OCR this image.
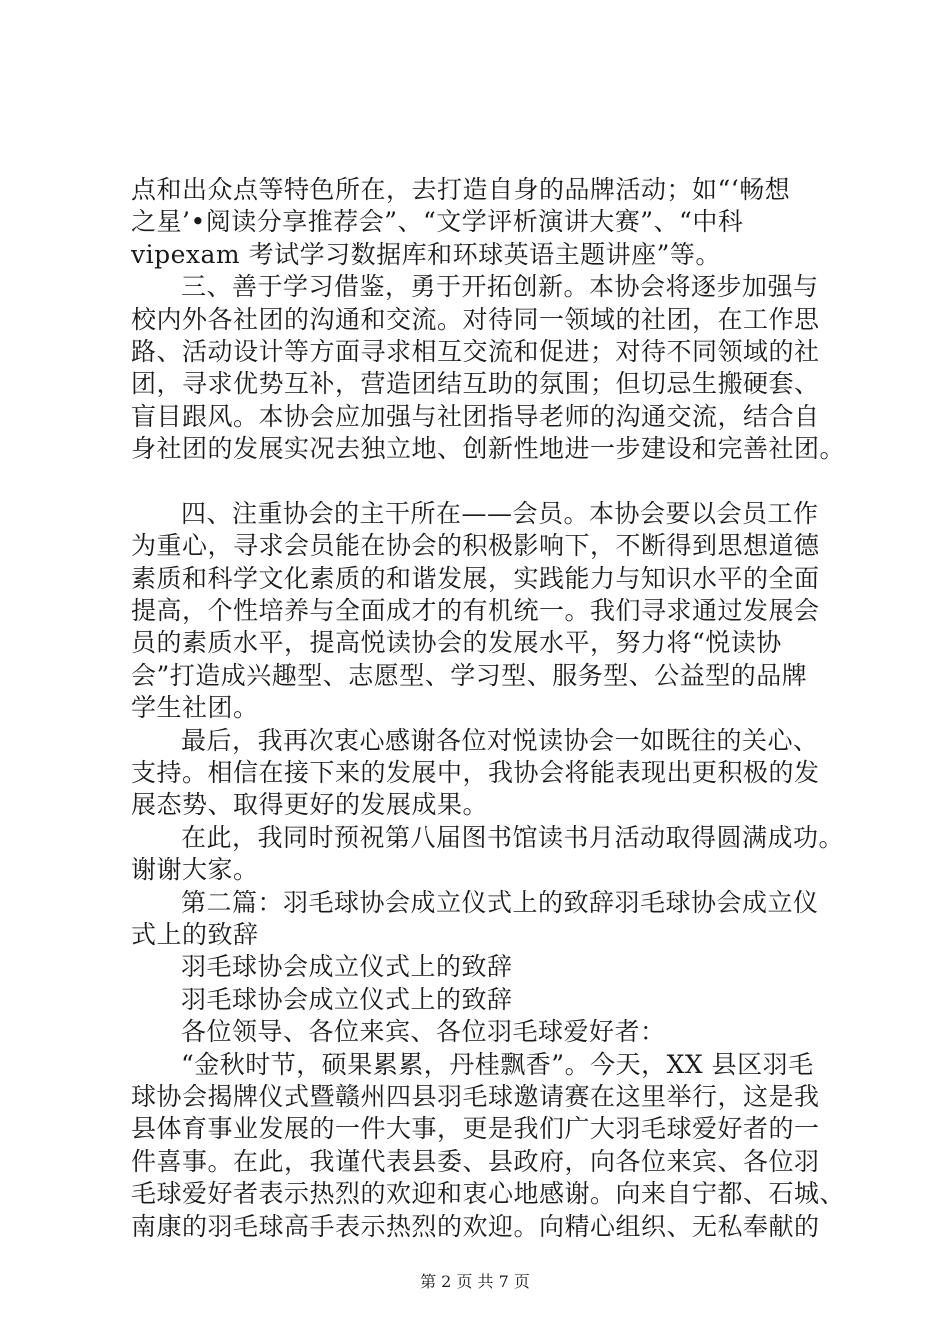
点和出众点等特色所在，去打造自身的品牌活动；如“‘畅想
之星’•阅读分享推荐会”、“文学评析演讲大赛”、“中科
vipexam 考试学习数据库和环球英语主题讲座”等。
三、善于学习借鉴，勇于开拓创新。本协会将逐步加强与
校内外各社团的沟通和交流。对待同一领域的社团，在工作思
路、活动设计等方面寻求相互交流和促进；对待不同领域的社
团，寻求优势互补，营造团结互助的氛围；但切忌生搬硬套、
盲目跟风。本协会应加强与社团指导老师的沟通交流，结合自
身社团的发展实况去独立地、创新性地进一步建设和完善社团。
四、注重协会的主干所在——会员。本协会要以会员工作
为重心，寻求会员能在协会的积极影响下，不断得到思想道德
素质和科学文化素质的和谐发展，实践能力与知识水平的全面
提高，个性培养与全面成才的有机统一。我们寻求通过发展会
员的素质水平，提高悦读协会的发展水平，努力将“悦读协
会”打造成兴趣型、志愿型、学习型、服务型、公益型的品牌
学生社团。
最后，我再次衷心感谢各位对悦读协会一如既往的关心、
支持。相信在接下来的发展中，我协会将能表现出更积极的发
展态势、取得更好的发展成果。
在此，我同时预祝第八届图书馆读书月活动取得圆满成功。
谢谢大家。
第二篇：羽毛球协会成立仪式上的致辞羽毛球协会成立仪
式上的致辞
羽毛球协会成立仪式上的致辞
羽毛球协会成立仪式上的致辞
各位领导、各位来宾、各位羽毛球爱好者：
“金秋时节，硕果累累，丹桂飘香”。今天，XX 县区羽毛
球协会揭牌仪式暨赣州四县羽毛球邀请赛在这里举行，这是我
县体育事业发展的一件大事，更是我们广大羽毛球爱好者的一
件喜事。在此，我谨代表县委、县政府，向各位来宾、各位羽
毛球爱好者表示热烈的欢迎和衷心地感谢。向来自宁都、石城、
南康的羽毛球高手表示热烈的欢迎。向精心组织、无私奉献的
第 2 页 共 7 页
